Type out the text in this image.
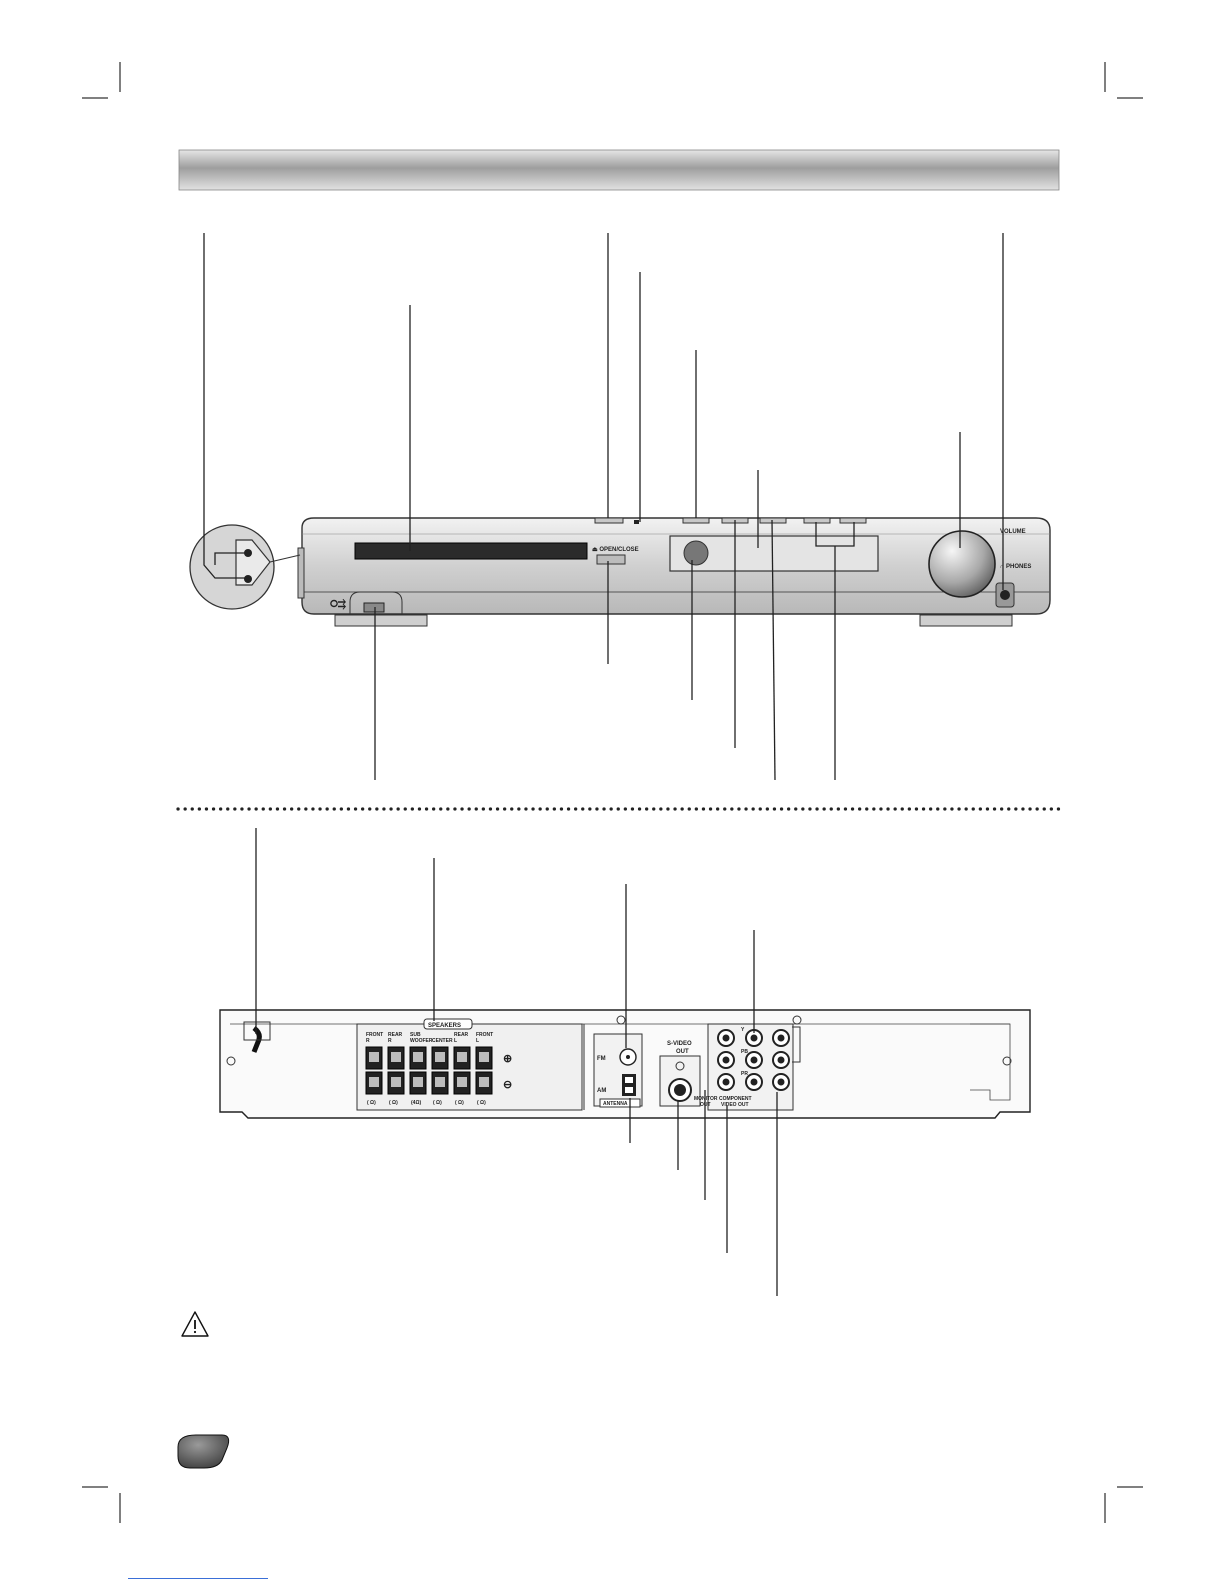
⏏ OPEN/CLOSE
VOLUME
∩ PHONES
⭘⇉
SPEAKERS
FRONT
R
( Ω)
REAR
R
( Ω)
SUB
WOOFER
(4Ω)
CENTER
( Ω)
REAR
L
( Ω)
FRONT
L
( Ω)
⊕
⊖
FM
AM
ANTENNA
S-VIDEO
OUT
Y
PB
PR
MONITOR
OUT
COMPONENT
VIDEO OUT
